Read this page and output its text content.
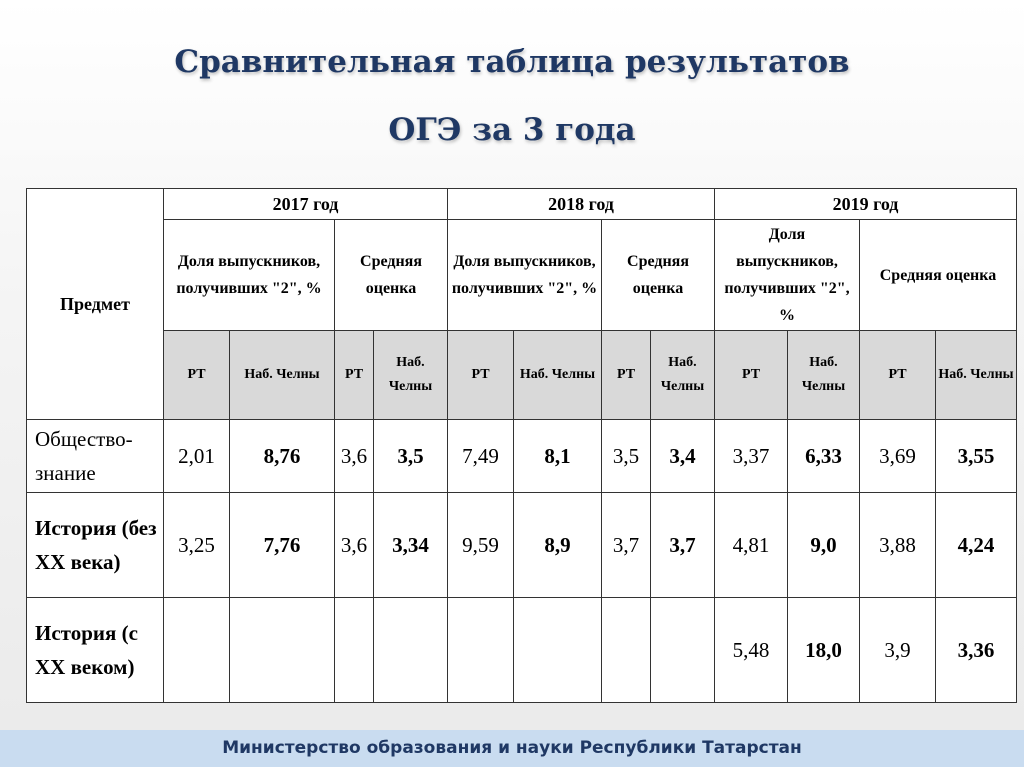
Сравнительная таблица результатов
ОГЭ за 3 года
Предмет	2017 год				2018 год				2019 год			
	Доля выпускников, получивших "2", %		Средняя оценка		Доля выпускников, получивших "2", %		Средняя оценка		Доля выпускников, получивших "2", %		Средняя оценка	
	РТ	Наб. Челны	РТ	Наб. Челны	РТ	Наб. Челны	РТ	Наб. Челны	РТ	Наб. Челны	РТ	Наб. Челны
Общество-знание	2,01	8,76	3,6	3,5	7,49	8,1	3,5	3,4	3,37	6,33	3,69	3,55
История (без XX века)	3,25	7,76	3,6	3,34	9,59	8,9	3,7	3,7	4,81	9,0	3,88	4,24
История (с XX веком)									5,48	18,0	3,9	3,36
Министерство образования и науки Республики Татарстан
